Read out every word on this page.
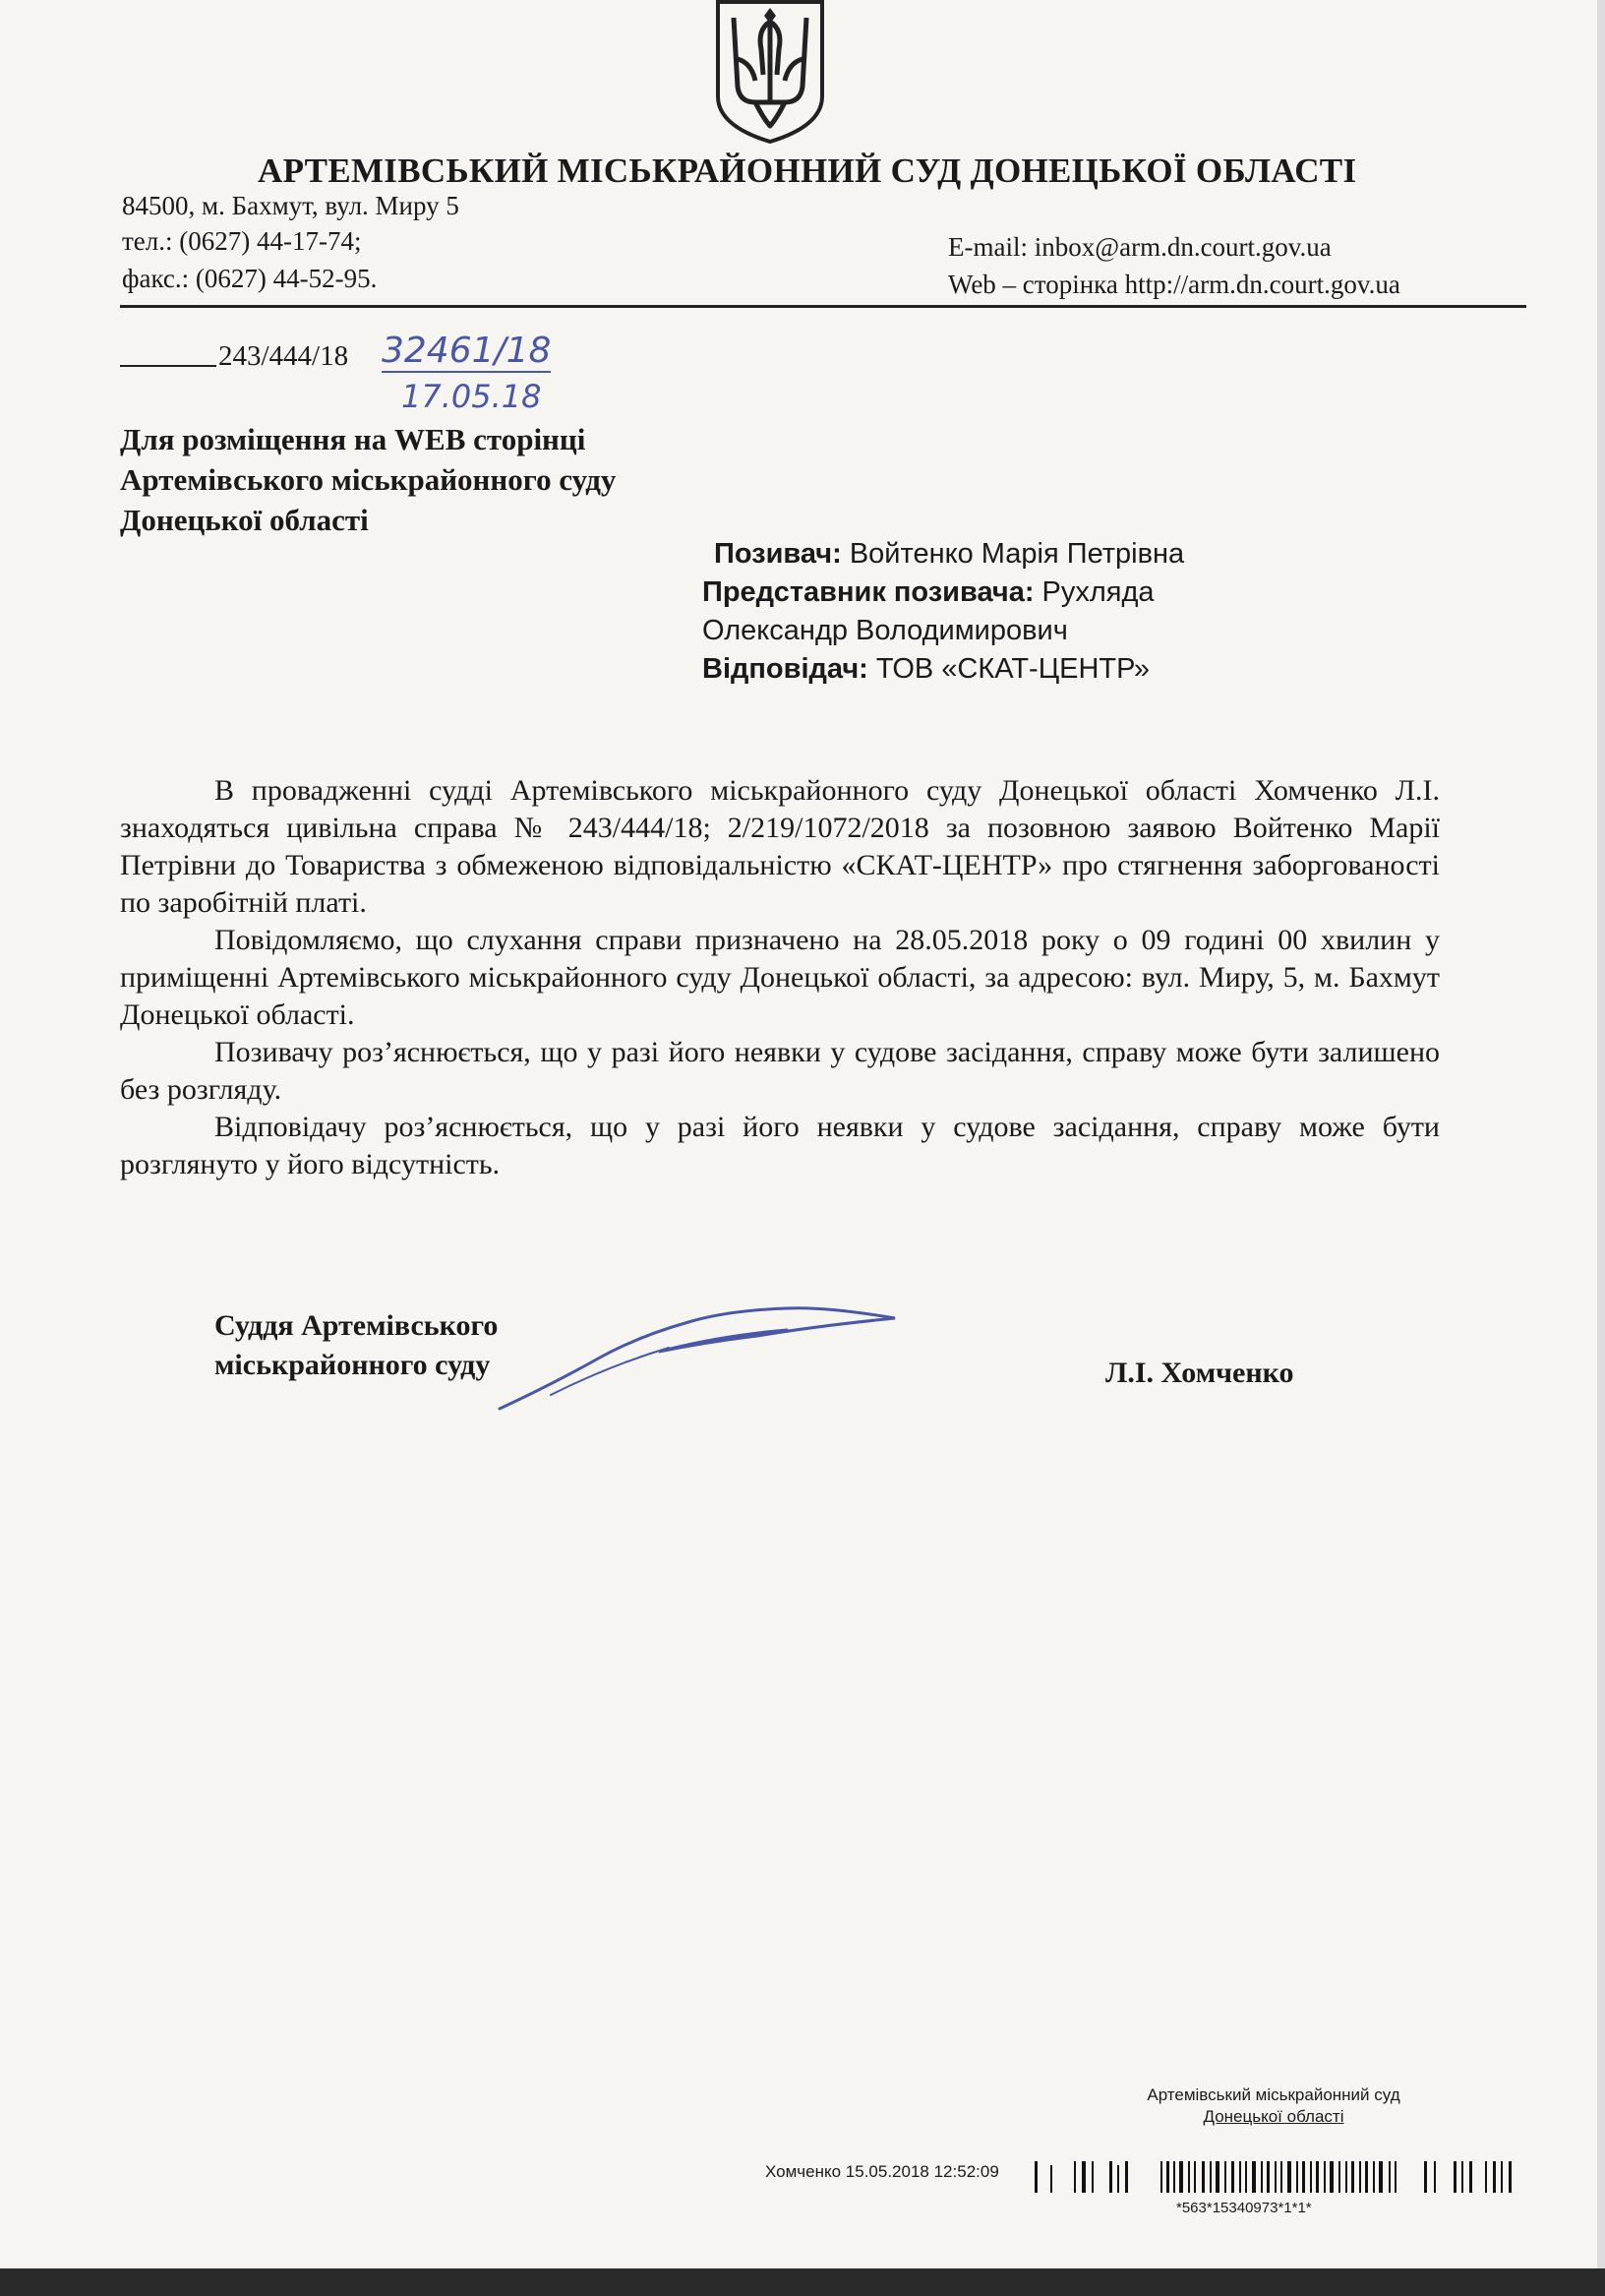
АРТЕМІВСЬКИЙ МІСЬКРАЙОННИЙ СУД ДОНЕЦЬКОЇ ОБЛАСТІ
84500, м. Бахмут, вул. Миру 5
тел.: (0627) 44-17-74;
факс.: (0627) 44-52-95.
E-mail: inbox@arm.dn.court.gov.ua
Web – сторінка http://arm.dn.court.gov.ua
243/444/18 32461/18
17.05.18
Для розміщення на WEB сторінці
Артемівського міськрайонного суду
Донецької області
Позивач: Войтенко Марія Петрівна
Представник позивача: Рухляда
Олександр Володимирович
Відповідач: ТОВ «СКАТ-ЦЕНТР»

В провадженні судді Артемівського міськрайонного суду Донецької області Хомченко Л.І. знаходяться цивільна справа № 243/444/18; 2/219/1072/2018 за позовною заявою Войтенко Марії Петрівни до Товариства з обмеженою відповідальністю «СКАТ-ЦЕНТР» про стягнення заборгованості по заробітній платі.

Повідомляємо, що слухання справи призначено на 28.05.2018 року о 09 годині 00 хвилин у приміщенні Артемівського міськрайонного суду Донецької області, за адресою: вул. Миру, 5, м. Бахмут Донецької області.

Позивачу роз’яснюється, що у разі його неявки у судове засідання, справу може бути залишено без розгляду.

Відповідачу роз’яснюється, що у разі його неявки у судове засідання, справу може бути розглянуто у його відсутність.

Суддя Артемівського
міськрайонного суду	Л.І. Хомченко
Артемівський міськрайонний суд
Донецької області
Хомченко 15.05.2018 12:52:09
*563*15340973*1*1*
